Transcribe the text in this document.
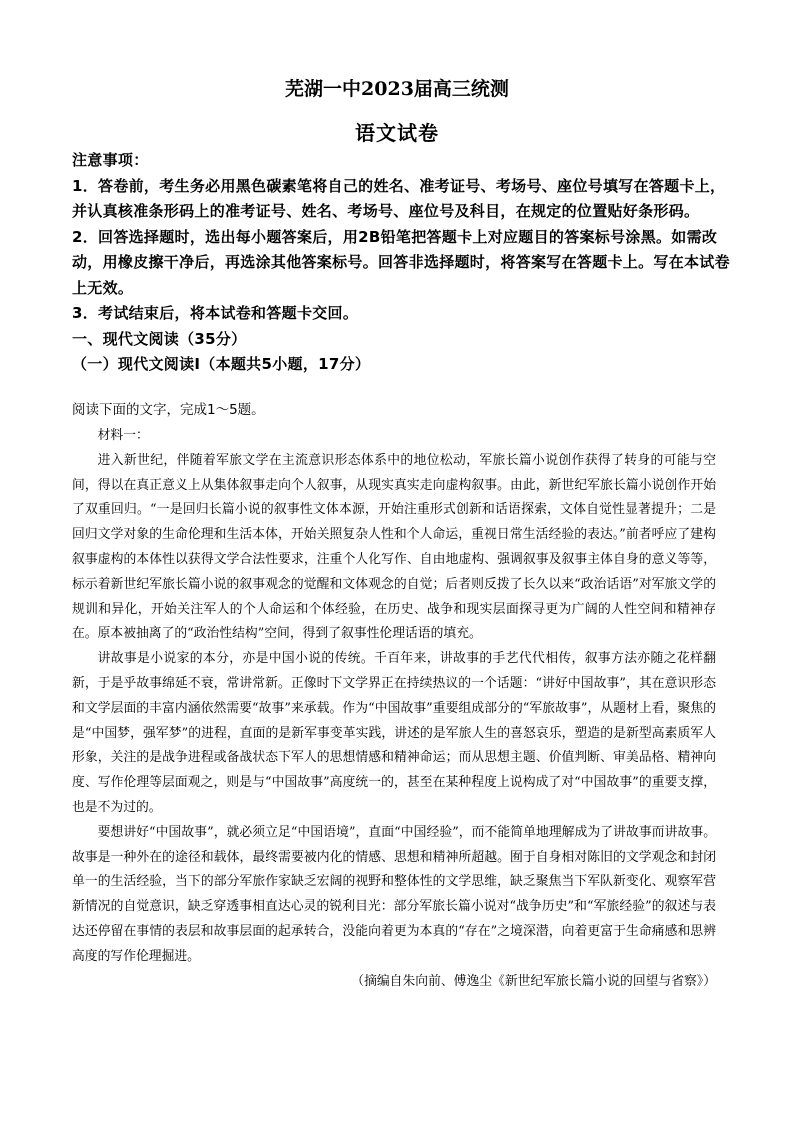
芜湖一中2023届高三统测
语文试卷

注意事项：

1．答卷前，考生务必用黑色碳素笔将自己的姓名、准考证号、考场号、座位号填写在答题卡上，并认真核准条形码上的准考证号、姓名、考场号、座位号及科目，在规定的位置贴好条形码。

2．回答选择题时，选出每小题答案后，用2B铅笔把答题卡上对应题目的答案标号涂黑。如需改动，用橡皮擦干净后，再选涂其他答案标号。回答非选择题时，将答案写在答题卡上。写在本试卷上无效。

3．考试结束后，将本试卷和答题卡交回。

一、现代文阅读（35分）

（一）现代文阅读Ⅰ（本题共5小题，17分）

阅读下面的文字，完成1～5题。

材料一：

进入新世纪，伴随着军旅文学在主流意识形态体系中的地位松动，军旅长篇小说创作获得了转身的可能与空间，得以在真正意义上从集体叙事走向个人叙事，从现实真实走向虚构叙事。由此，新世纪军旅长篇小说创作开始了双重回归。“一是回归长篇小说的叙事性文体本源，开始注重形式创新和话语探索，文体自觉性显著提升；二是回归文学对象的生命伦理和生活本体，开始关照复杂人性和个人命运，重视日常生活经验的表达。”前者呼应了建构叙事虚构的本体性以获得文学合法性要求，注重个人化写作、自由地虚构、强调叙事及叙事主体自身的意义等等，标示着新世纪军旅长篇小说的叙事观念的觉醒和文体观念的自觉；后者则反拨了长久以来“政治话语”对军旅文学的规训和异化，开始关注军人的个人命运和个体经验，在历史、战争和现实层面探寻更为广阔的人性空间和精神存在。原本被抽离了的“政治性结构”空间，得到了叙事性伦理话语的填充。

讲故事是小说家的本分，亦是中国小说的传统。千百年来，讲故事的手艺代代相传，叙事方法亦随之花样翻新，于是乎故事绵延不衰，常讲常新。正像时下文学界正在持续热议的一个话题：“讲好中国故事”，其在意识形态和文学层面的丰富内涵依然需要“故事”来承载。作为“中国故事”重要组成部分的“军旅故事”，从题材上看，聚焦的是“中国梦，强军梦”的进程，直面的是新军事变革实践，讲述的是军旅人生的喜怒哀乐，塑造的是新型高素质军人形象，关注的是战争进程或备战状态下军人的思想情感和精神命运；而从思想主题、价值判断、审美品格、精神向度、写作伦理等层面观之，则是与“中国故事”高度统一的，甚至在某种程度上说构成了对“中国故事”的重要支撑，也是不为过的。

要想讲好“中国故事”，就必须立足“中国语境”，直面“中国经验”，而不能简单地理解成为了讲故事而讲故事。故事是一种外在的途径和载体，最终需要被内化的情感、思想和精神所超越。囿于自身相对陈旧的文学观念和封闭单一的生活经验，当下的部分军旅作家缺乏宏阔的视野和整体性的文学思维，缺乏聚焦当下军队新变化、观察军营新情况的自觉意识，缺乏穿透事相直达心灵的锐利目光：部分军旅长篇小说对“战争历史”和“军旅经验”的叙述与表达还停留在事情的表层和故事层面的起承转合，没能向着更为本真的“存在”之境深潜，向着更富于生命痛感和思辨高度的写作伦理掘进。

（摘编自朱向前、傅逸尘《新世纪军旅长篇小说的回望与省察》）
